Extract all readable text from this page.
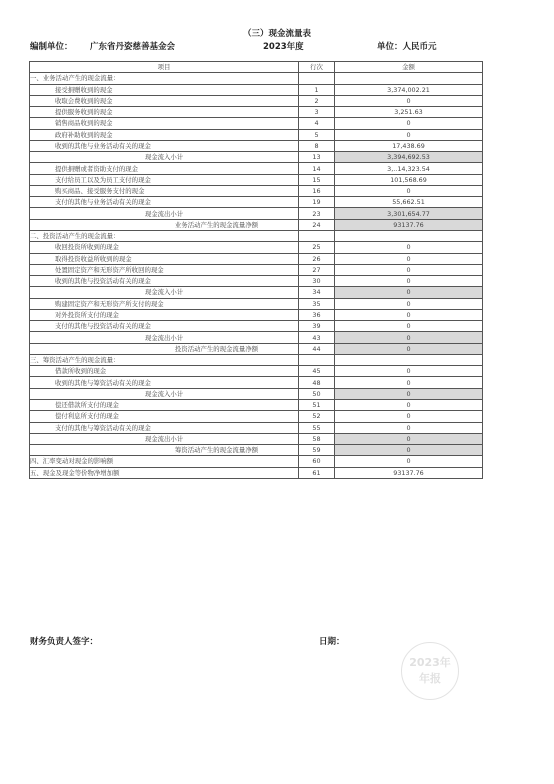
（三）现金流量表
编制单位： 广东省丹姿慈善基金会	2023年度	单位：人民币元
项目	行次	金额
一、业务活动产生的现金流量：		
接受捐赠收到的现金	1	3,374,002.21
收取会费收到的现金	2	0
提供服务收到的现金	3	3,251.63
销售商品收到的现金	4	0
政府补助收到的现金	5	0
收到的其他与业务活动有关的现金	8	17,438.69
现金流入小计	13	3,394,692.53
提供捐赠或者资助支付的现金	14	3,..14,323.54
支付给员工以及为员工支付的现金	15	101,568.69
购买商品、接受服务支付的现金	16	0
支付的其他与业务活动有关的现金	19	55,662.51
现金流出小计	23	3,301,654.77
业务活动产生的现金流量净额	24	93137.76
二、投资活动产生的现金流量：		
收回投资所收到的现金	25	0
取得投资收益所收到的现金	26	0
处置固定资产和无形资产所收回的现金	27	0
收到的其他与投资活动有关的现金	30	0
现金流入小计	34	0
购建固定资产和无形资产所支付的现金	35	0
对外投资所支付的现金	36	0
支付的其他与投资活动有关的现金	39	0
现金流出小计	43	0
投资活动产生的现金流量净额	44	0
三、筹资活动产生的现金流量：		
借款所收到的现金	45	0
收到的其他与筹资活动有关的现金	48	0
现金流入小计	50	0
偿还借款所支付的现金	51	0
偿付利息所支付的现金	52	0
支付的其他与筹资活动有关的现金	55	0
现金流出小计	58	0
筹资活动产生的现金流量净额	59	0
四、汇率变动对现金的影响额	60	0
五、现金及现金等价物净增加额	61	93137.76
财务负责人签字：	日期：
2023年
年报
